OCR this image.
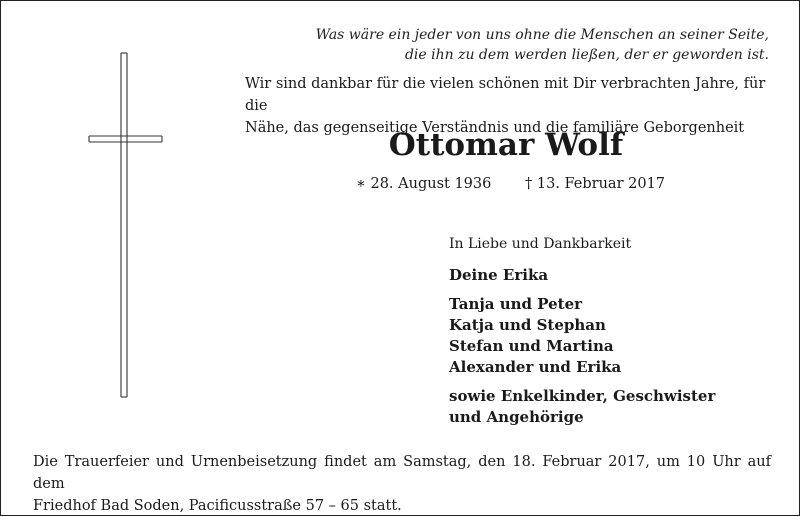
Was wäre ein jeder von uns ohne die Menschen an seiner Seite,
die ihn zu dem werden ließen, der er geworden ist.
Wir sind dankbar für die vielen schönen mit Dir verbrachten Jahre, für die
Nähe, das gegenseitige Verständnis und die familiäre Geborgenheit
Ottomar Wolf
∗ 28. August 1936 † 13. Februar 2017
In Liebe und Dankbarkeit
Deine Erika
Tanja und Peter
Katja und Stephan
Stefan und Martina
Alexander und Erika
sowie Enkelkinder, Geschwister
und Angehörige
Die Trauerfeier und Urnenbeisetzung findet am Samstag, den 18. Februar 2017, um 10 Uhr auf dem
Friedhof Bad Soden, Pacificusstraße 57 – 65 statt.
